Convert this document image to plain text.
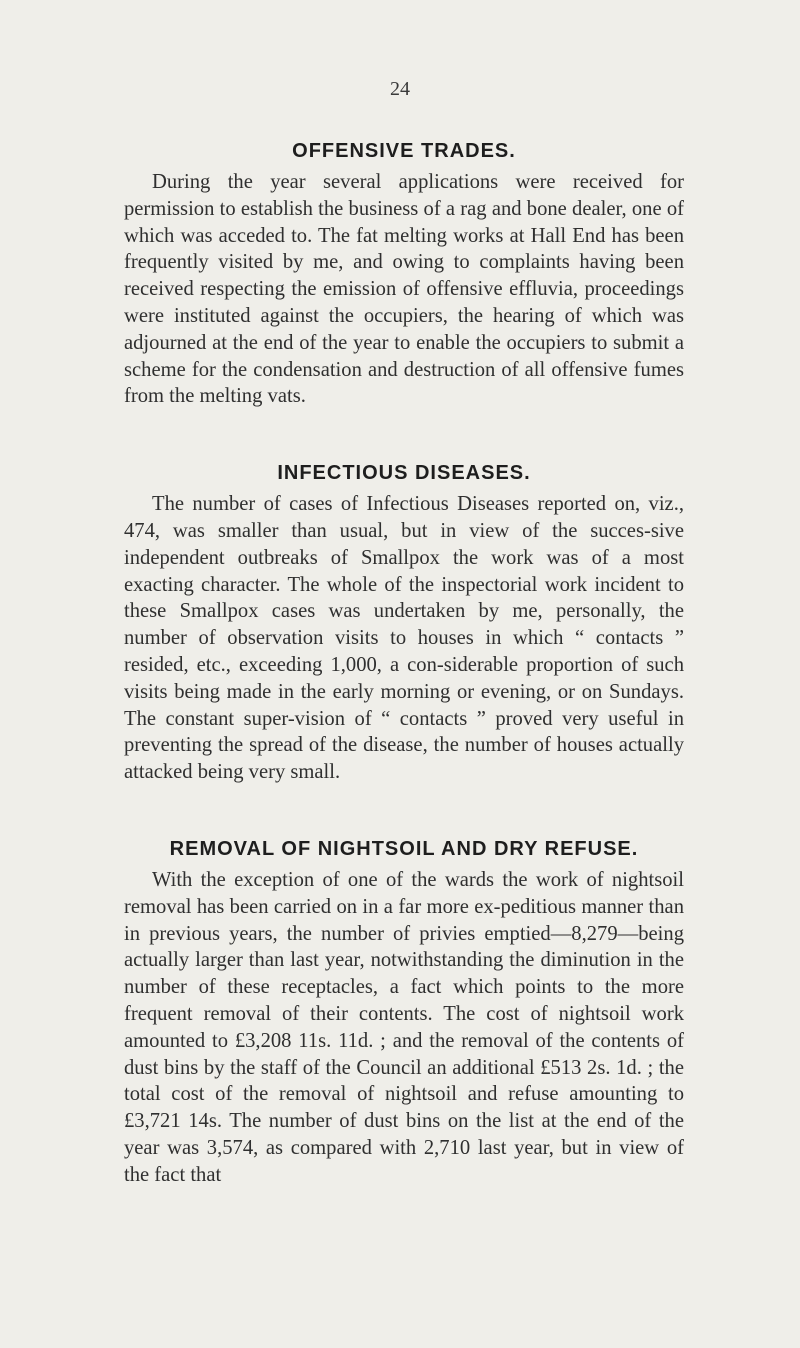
24
OFFENSIVE TRADES.

During the year several applications were received for permission to establish the business of a rag and bone dealer, one of which was acceded to. The fat melting works at Hall End has been frequently visited by me, and owing to complaints having been received respecting the emission of offensive effluvia, proceedings were instituted against the occupiers, the hearing of which was adjourned at the end of the year to enable the occupiers to submit a scheme for the condensation and destruction of all offensive fumes from the melting vats.

INFECTIOUS DISEASES.

The number of cases of Infectious Diseases reported on, viz., 474, was smaller than usual, but in view of the succes-sive independent outbreaks of Smallpox the work was of a most exacting character. The whole of the inspectorial work incident to these Smallpox cases was undertaken by me, personally, the number of observation visits to houses in which “ contacts ” resided, etc., exceeding 1,000, a con-siderable proportion of such visits being made in the early morning or evening, or on Sundays. The constant super-vision of “ contacts ” proved very useful in preventing the spread of the disease, the number of houses actually attacked being very small.

REMOVAL OF NIGHTSOIL AND DRY REFUSE.

With the exception of one of the wards the work of nightsoil removal has been carried on in a far more ex-peditious manner than in previous years, the number of privies emptied—8,279—being actually larger than last year, notwithstanding the diminution in the number of these receptacles, a fact which points to the more frequent removal of their contents. The cost of nightsoil work amounted to £3,208 11s. 11d. ; and the removal of the contents of dust bins by the staff of the Council an additional £513 2s. 1d. ; the total cost of the removal of nightsoil and refuse amounting to £3,721 14s. The number of dust bins on the list at the end of the year was 3,574, as compared with 2,710 last year, but in view of the fact that
